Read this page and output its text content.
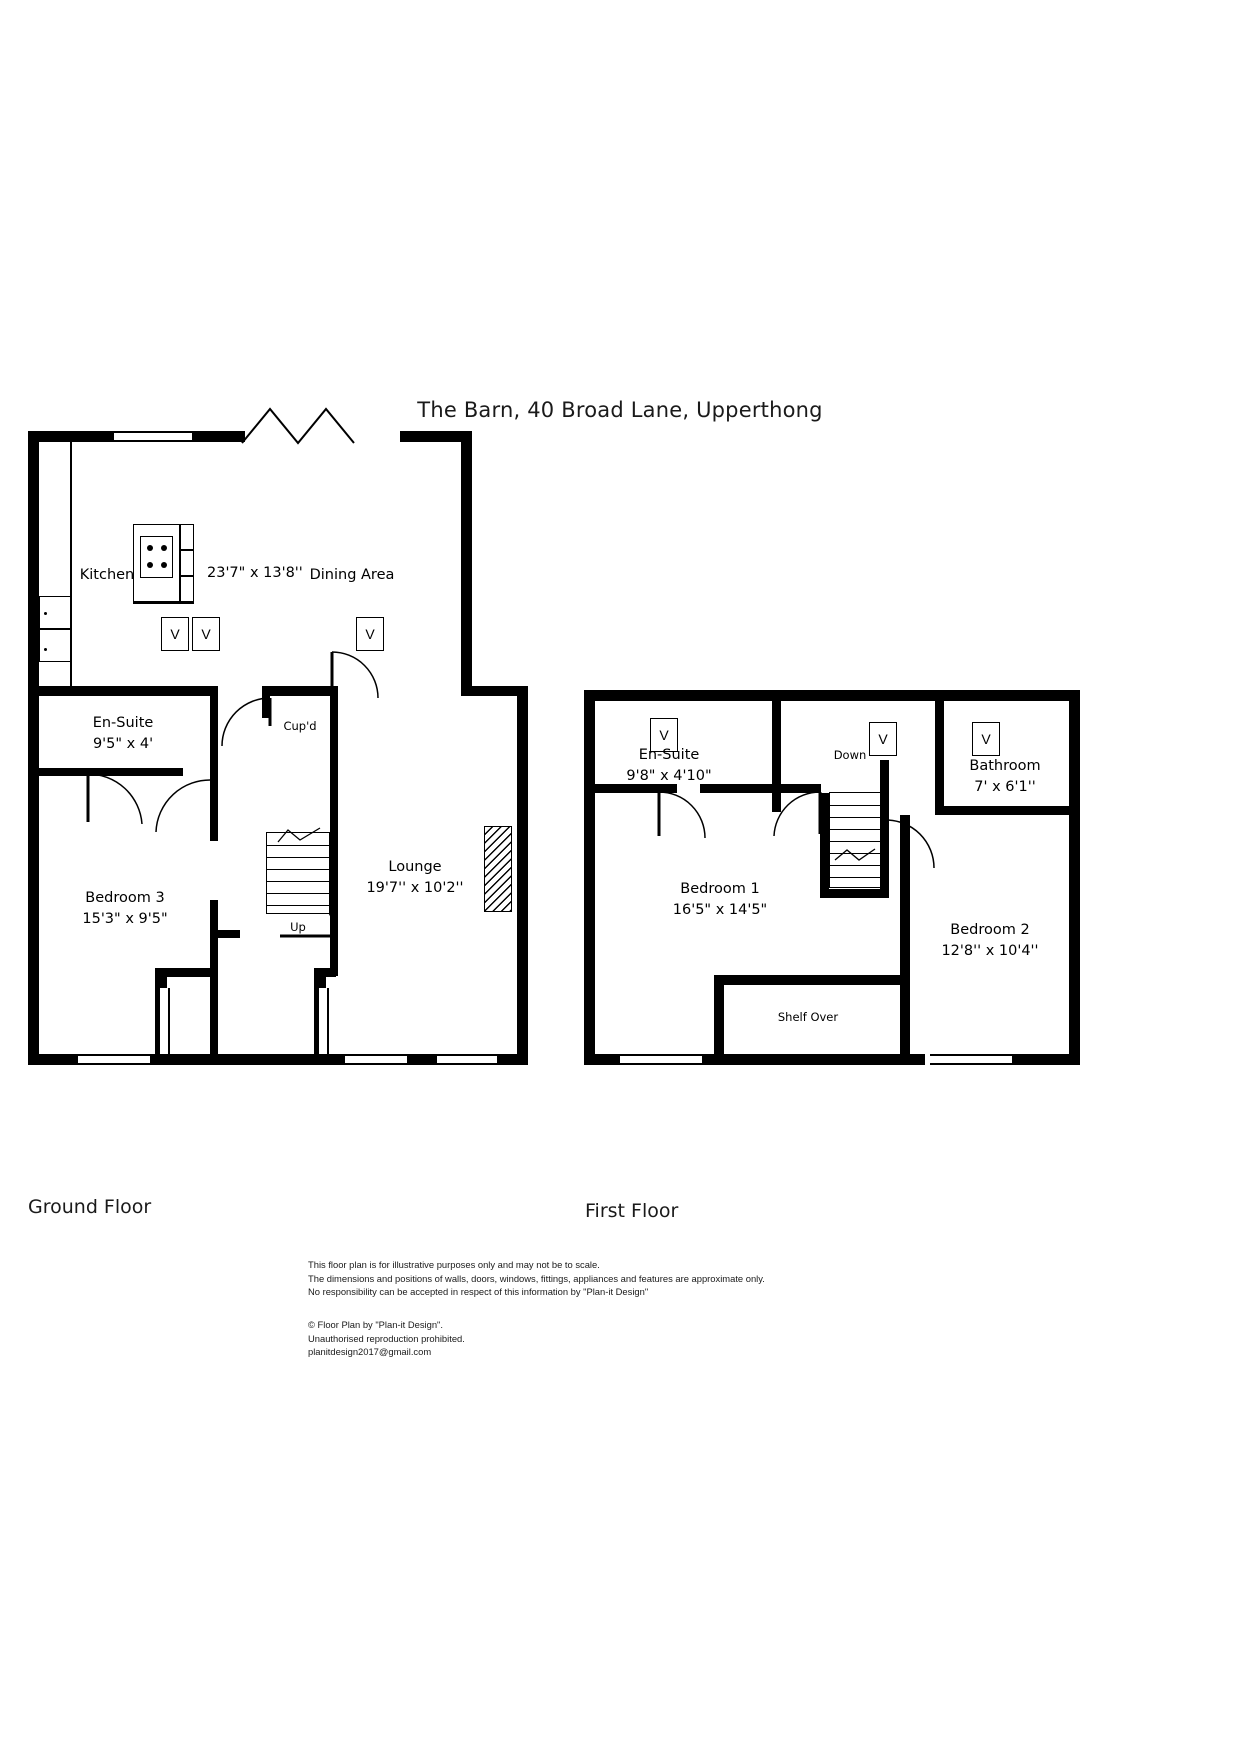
The Barn, 40 Broad Lane, Upperthong
V	V	V
Kitchen	23'7" x 13'8'' Dining Area
En-Suite
9'5" x 4'
Cup'd
Bedroom 3
15'3" x 9'5"	Up
Lounge
19'7'' x 10'2''
Ground Floor
V	V	V
En-Suite
9'8" x 4'10"
Down
Bathroom
7' x 6'1''
Bedroom 1
16'5" x 14'5"
Bedroom 2
12'8'' x 10'4''
Shelf Over
First Floor
This floor plan is for illustrative purposes only and may not be to scale.
The dimensions and positions of walls, doors, windows, fittings, appliances and features are approximate only.
No responsibility can be accepted in respect of this information by "Plan-it Design"
© Floor Plan by "Plan-it Design".
Unauthorised reproduction prohibited.
planitdesign2017@gmail.com
